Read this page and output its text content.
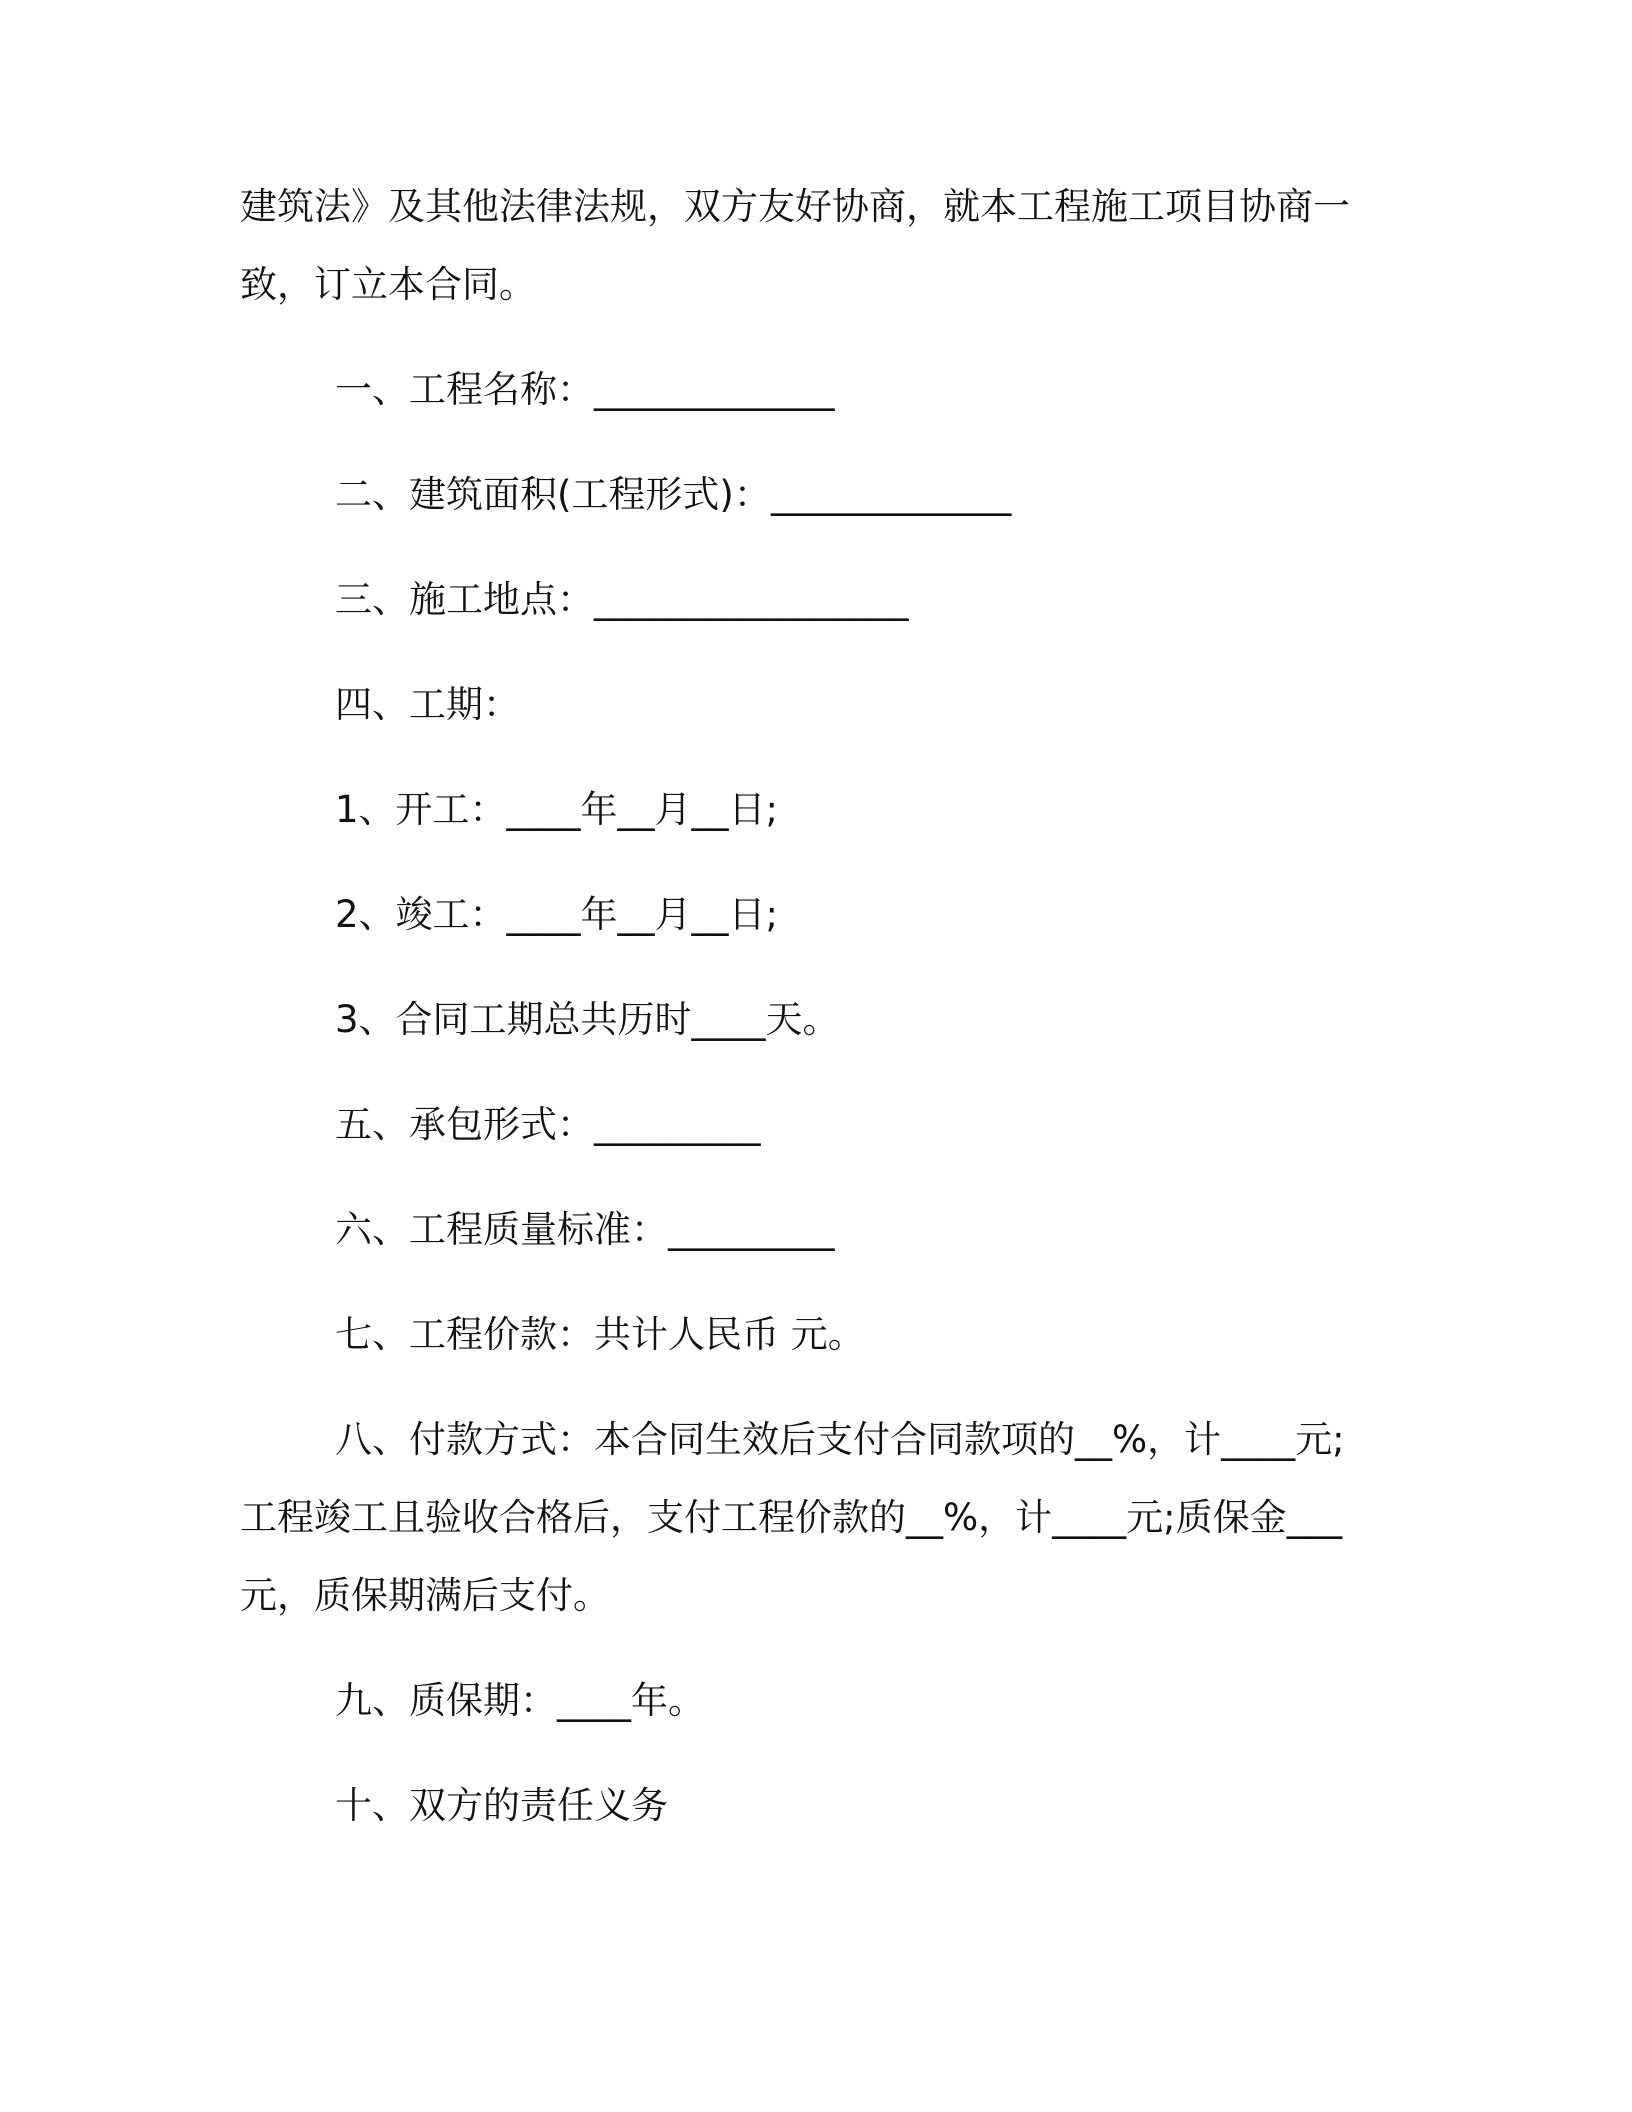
建筑法》及其他法律法规，双方友好协商，就本工程施工项目协商一

致，订立本合同。

一、工程名称：_____________

二、建筑面积(工程形式)：_____________

三、施工地点：_________________

四、工期：

1、开工：____年__月__日;

2、竣工：____年__月__日;

3、合同工期总共历时____天。

五、承包形式：_________

六、工程质量标准：_________

七、工程价款：共计人民币 元。

八、付款方式：本合同生效后支付合同款项的__%，计____元;

工程竣工且验收合格后，支付工程价款的__%，计____元;质保金___

元，质保期满后支付。

九、质保期：____年。

十、双方的责任义务
